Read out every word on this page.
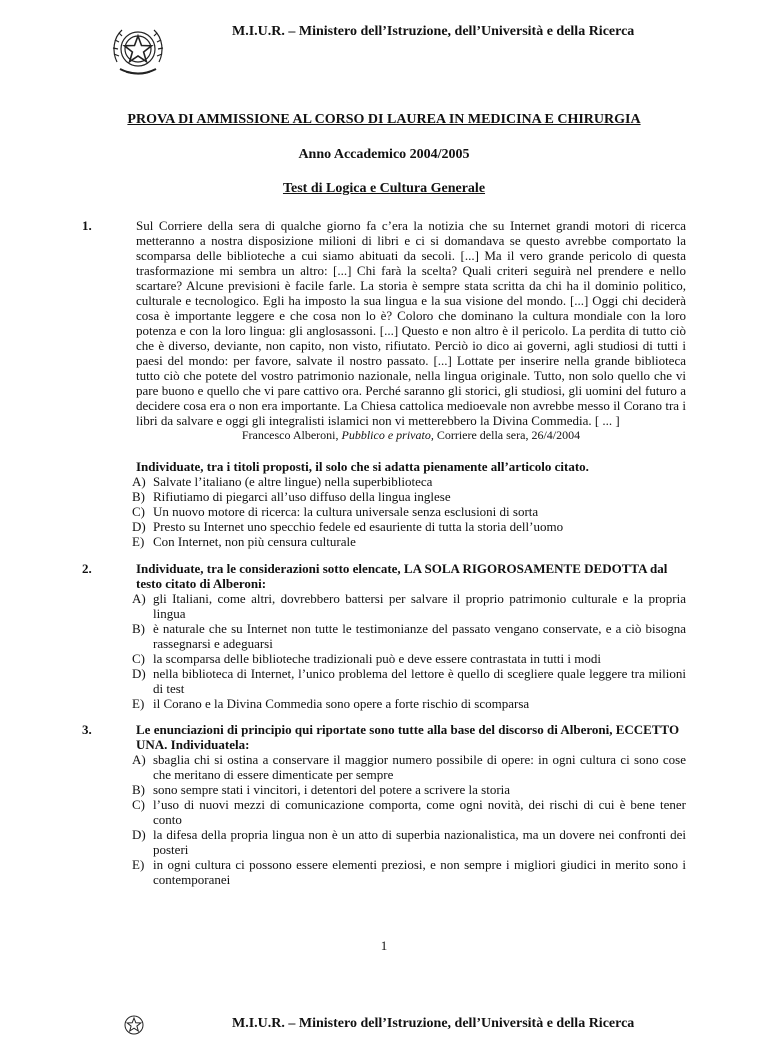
M.I.U.R. – Ministero dell’Istruzione, dell’Università e della Ricerca
PROVA DI AMMISSIONE AL CORSO DI LAUREA IN MEDICINA E CHIRURGIA
Anno Accademico 2004/2005
Test di Logica e Cultura Generale
1.	Sul Corriere della sera di qualche giorno fa c’era la notizia che su Internet grandi motori di ricerca metteranno a nostra disposizione milioni di libri e ci si domandava se questo avrebbe comportato la scomparsa delle biblioteche a cui siamo abituati da secoli. [...] Ma il vero grande pericolo di questa trasformazione mi sembra un altro: [...] Chi farà la scelta? Quali criteri seguirà nel prendere e nello scartare? Alcune previsioni è facile farle. La storia è sempre stata scritta da chi ha il dominio politico, culturale e tecnologico. Egli ha imposto la sua lingua e la sua visione del mondo. [...] Oggi chi deciderà cosa è importante leggere e che cosa non lo è? Coloro che dominano la cultura mondiale con la loro potenza e con la loro lingua: gli anglosassoni. [...] Questo e non altro è il pericolo. La perdita di tutto ciò che è diverso, deviante, non capito, non visto, rifiutato. Perciò io dico ai governi, agli studiosi di tutti i paesi del mondo: per favore, salvate il nostro passato. [...] Lottate per inserire nella grande biblioteca tutto ciò che potete del vostro patrimonio nazionale, nella lingua originale. Tutto, non solo quello che vi pare buono e quello che vi pare cattivo ora. Perché saranno gli storici, gli studiosi, gli uomini del futuro a decidere cosa era o non era importante. La Chiesa cattolica medioevale non avrebbe messo il Corano tra i libri da salvare e oggi gli integralisti islamici non vi metterebbero la Divina Commedia. [ ... ]
Francesco Alberoni, Pubblico e privato, Corriere della sera, 26/4/2004
Individuate, tra i titoli proposti, il solo che si adatta pienamente all’articolo citato.
A) Salvate l’italiano (e altre lingue) nella superbiblioteca
B) Rifiutiamo di piegarci all’uso diffuso della lingua inglese
C) Un nuovo motore di ricerca: la cultura universale senza esclusioni di sorta
D) Presto su Internet uno specchio fedele ed esauriente di tutta la storia dell’uomo
E) Con Internet, non più censura culturale
2.	Individuate, tra le considerazioni sotto elencate, LA SOLA RIGOROSAMENTE DEDOTTA dal testo citato di Alberoni:
A) gli Italiani, come altri, dovrebbero battersi per salvare il proprio patrimonio culturale e la propria lingua
B) è naturale che su Internet non tutte le testimonianze del passato vengano conservate, e a ciò bisogna rassegnarsi e adeguarsi
C) la scomparsa delle biblioteche tradizionali può e deve essere contrastata in tutti i modi
D) nella biblioteca di Internet, l’unico problema del lettore è quello di scegliere quale leggere tra milioni di test
E) il Corano e la Divina Commedia sono opere a forte rischio di scomparsa
3.	Le enunciazioni di principio qui riportate sono tutte alla base del discorso di Alberoni, ECCETTO UNA. Individuatela:
A) sbaglia chi si ostina a conservare il maggior numero possibile di opere: in ogni cultura ci sono cose che meritano di essere dimenticate per sempre
B) sono sempre stati i vincitori, i detentori del potere a scrivere la storia
C) l’uso di nuovi mezzi di comunicazione comporta, come ogni novità, dei rischi di cui è bene tener conto
D) la difesa della propria lingua non è un atto di superbia nazionalistica, ma un dovere nei confronti dei posteri
E) in ogni cultura ci possono essere elementi preziosi, e non sempre i migliori giudici in merito sono i contemporanei
1
M.I.U.R. – Ministero dell’Istruzione, dell’Università e della Ricerca
